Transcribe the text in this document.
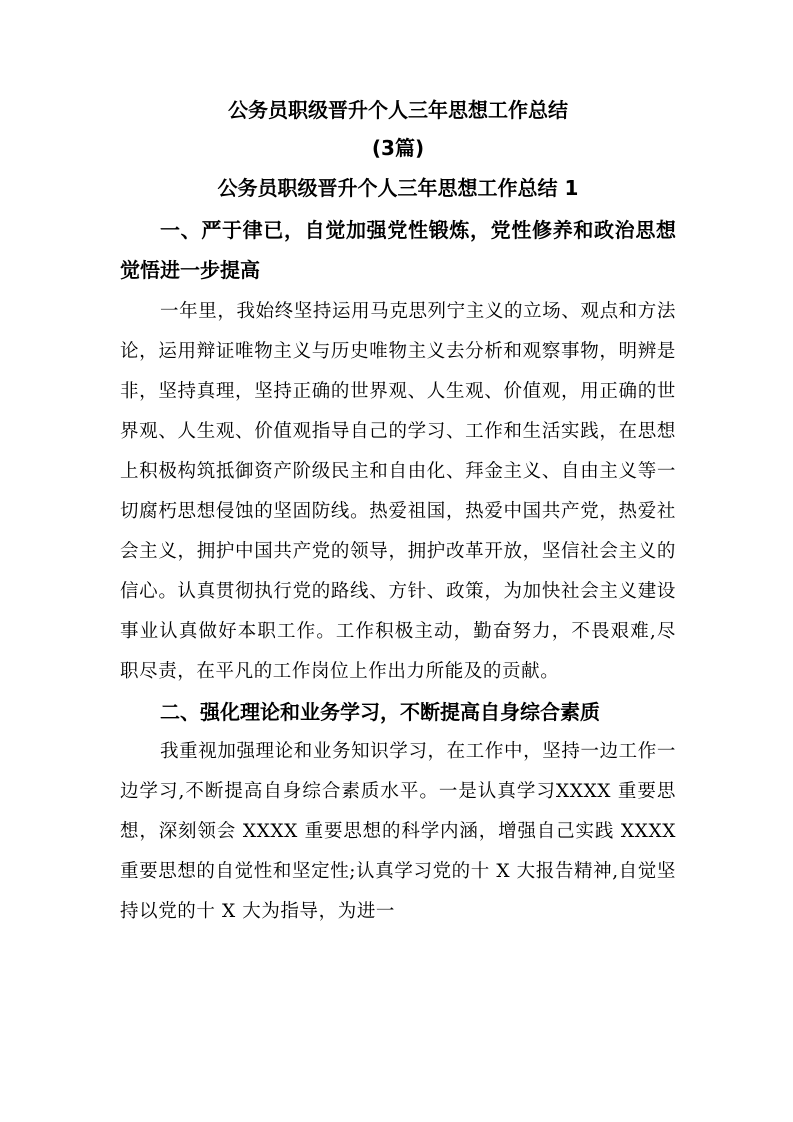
公务员职级晋升个人三年思想工作总结

(3篇)

公务员职级晋升个人三年思想工作总结 1

一、严于律已，自觉加强党性锻炼，党性修养和政治思想觉悟进一步提高

一年里，我始终坚持运用马克思列宁主义的立场、观点和方法论，运用辩证唯物主义与历史唯物主义去分析和观察事物，明辨是非，坚持真理，坚持正确的世界观、人生观、价值观，用正确的世界观、人生观、价值观指导自己的学习、工作和生活实践，在思想上积极构筑抵御资产阶级民主和自由化、拜金主义、自由主义等一切腐朽思想侵蚀的坚固防线。热爱祖国，热爱中国共产党，热爱社会主义，拥护中国共产党的领导，拥护改革开放，坚信社会主义的信心。认真贯彻执行党的路线、方针、政策，为加快社会主义建设事业认真做好本职工作。工作积极主动，勤奋努力，不畏艰难,尽职尽责，在平凡的工作岗位上作出力所能及的贡献。

二、强化理论和业务学习，不断提高自身综合素质

我重视加强理论和业务知识学习，在工作中，坚持一边工作一边学习,不断提高自身综合素质水平。一是认真学习XXXX 重要思想，深刻领会 XXXX 重要思想的科学内涵，增强自己实践 XXXX 重要思想的自觉性和坚定性;认真学习党的十 X 大报告精神,自觉坚持以党的十 X 大为指导，为进一
